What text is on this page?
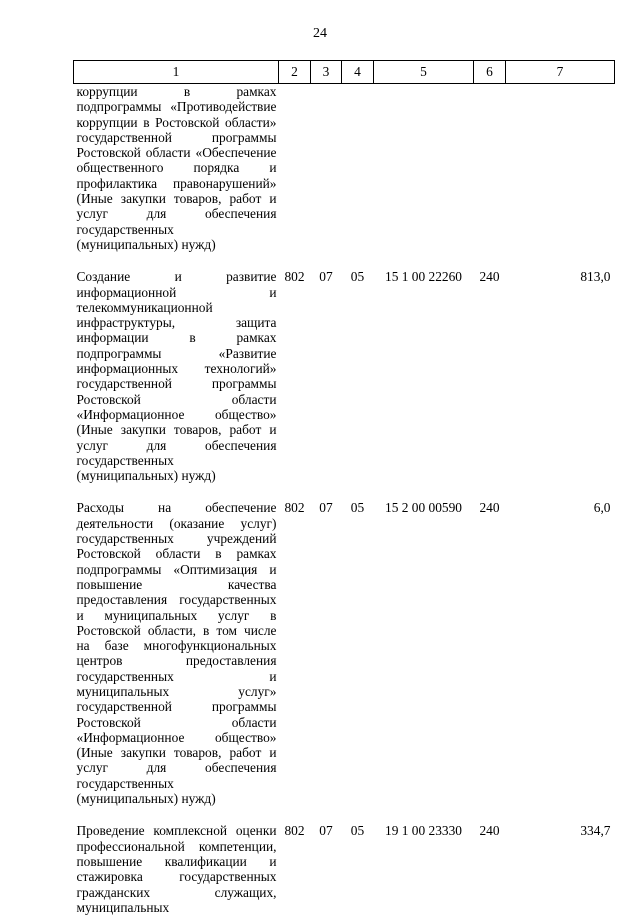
24
1	2	3	4	5	6	7
коррупции в рамках подпрограммы «Противодействие коррупции в Ростовской области» государственной программы Ростовской области «Обеспечение общественного порядка и профилактика правонарушений» (Иные закупки товаров, работ и услуг для обеспечения государственных (муниципальных) нужд)						
Создание и развитие информационной и телекоммуникационной инфраструктуры, защита информации в рамках подпрограммы «Развитие информационных технологий» государственной программы Ростовской области «Информационное общество» (Иные закупки товаров, работ и услуг для обеспечения государственных (муниципальных) нужд)	802	07	05	15 1 00 22260	240	813,0
Расходы на обеспечение деятельности (оказание услуг) государственных учреждений Ростовской области в рамках подпрограммы «Оптимизация и повышение качества предоставления государственных и муниципальных услуг в Ростовской области, в том числе на базе многофункциональных центров предоставления государственных и муниципальных услуг» государственной программы Ростовской области «Информационное общество» (Иные закупки товаров, работ и услуг для обеспечения государственных (муниципальных) нужд)	802	07	05	15 2 00 00590	240	6,0
Проведение комплексной оценки профессиональной компетенции, повышение квалификации и стажировка государственных гражданских служащих, муниципальных	802	07	05	19 1 00 23330	240	334,7
